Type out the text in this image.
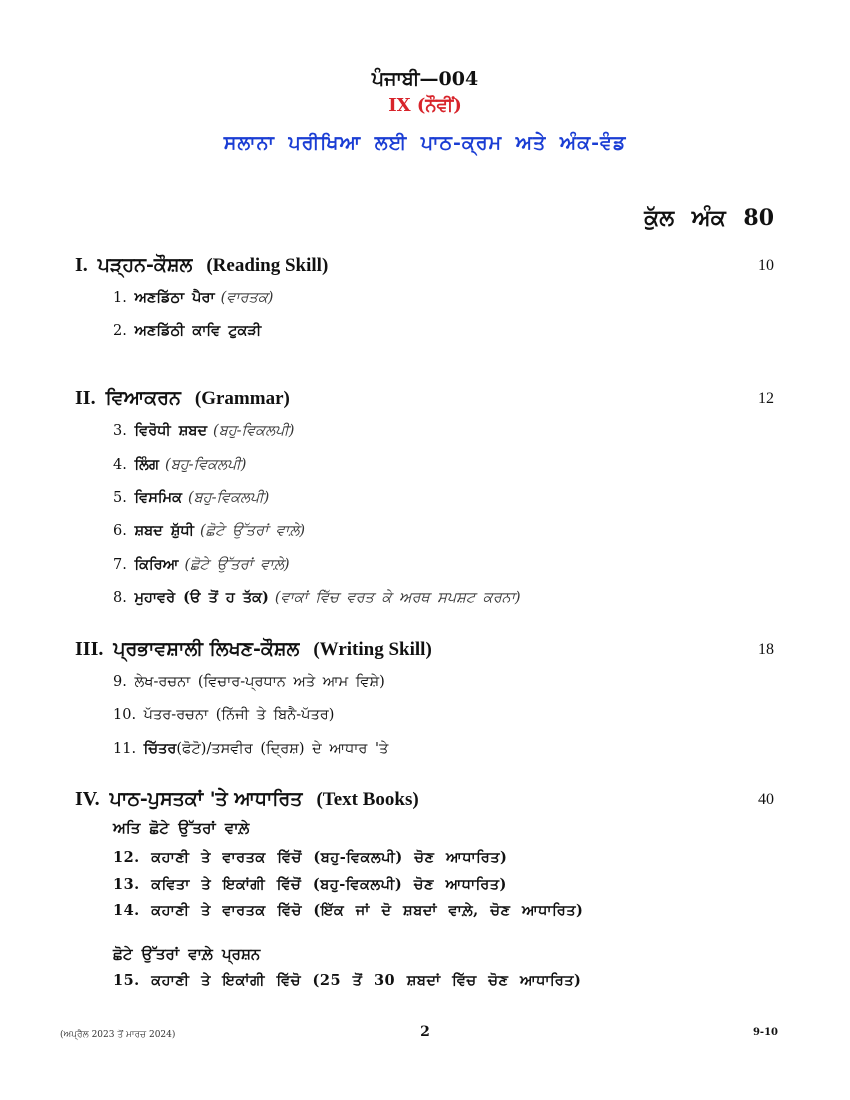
ਪੰਜਾਬੀ—004
IX (ਨੌਵੀਂ)
ਸਲਾਨਾ ਪਰੀਖਿਆ ਲਈ ਪਾਠ-ਕ੍ਰਮ ਅਤੇ ਅੰਕ-ਵੰਡ
ਕੁੱਲ ਅੰਕ 80
I. ਪੜ੍ਹਨ-ਕੌਸ਼ਲ (Reading Skill)	10
1. ਅਣਡਿੱਠਾ ਪੈਰਾ (ਵਾਰਤਕ)
2. ਅਣਡਿੱਠੀ ਕਾਵਿ ਟੁਕੜੀ
II. ਵਿਆਕਰਨ (Grammar)	12
3. ਵਿਰੋਧੀ ਸ਼ਬਦ (ਬਹੁ-ਵਿਕਲਪੀ)
4. ਲਿੰਗ (ਬਹੁ-ਵਿਕਲਪੀ)
5. ਵਿਸਮਿਕ (ਬਹੁ-ਵਿਕਲਪੀ)
6. ਸ਼ਬਦ ਸ਼ੁੱਧੀ (ਛੋਟੇ ਉੱਤਰਾਂ ਵਾਲ਼ੇ)
7. ਕਿਰਿਆ (ਛੋਟੇ ਉੱਤਰਾਂ ਵਾਲ਼ੇ)
8. ਮੁਹਾਵਰੇ (ੳ ਤੋਂ ਹ ਤੱਕ) (ਵਾਕਾਂ ਵਿੱਚ ਵਰਤ ਕੇ ਅਰਥ ਸਪਸ਼ਟ ਕਰਨਾ)
III. ਪ੍ਰਭਾਵਸ਼ਾਲੀ ਲਿਖਣ-ਕੌਸ਼ਲ (Writing Skill)	18
9. ਲੇਖ-ਰਚਨਾ (ਵਿਚਾਰ-ਪ੍ਰਧਾਨ ਅਤੇ ਆਮ ਵਿਸ਼ੇ)
10. ਪੱਤਰ-ਰਚਨਾ (ਨਿੱਜੀ ਤੇ ਬਿਨੈ-ਪੱਤਰ)
11. ਚਿੱਤਰ(ਫੋਟੋ)/ਤਸਵੀਰ (ਦ੍ਰਿਸ਼) ਦੇ ਆਧਾਰ 'ਤੇ
IV. ਪਾਠ-ਪੁਸਤਕਾਂ 'ਤੇ ਆਧਾਰਿਤ (Text Books)	40
ਅਤਿ ਛੋਟੇ ਉੱਤਰਾਂ ਵਾਲ਼ੇ
12. ਕਹਾਣੀ ਤੇ ਵਾਰਤਕ ਵਿੱਚੋਂ (ਬਹੁ-ਵਿਕਲਪੀ) ਚੋਣ ਆਧਾਰਿਤ)
13. ਕਵਿਤਾ ਤੇ ਇਕਾਂਗੀ ਵਿੱਚੋਂ (ਬਹੁ-ਵਿਕਲਪੀ) ਚੋਣ ਆਧਾਰਿਤ)
14. ਕਹਾਣੀ ਤੇ ਵਾਰਤਕ ਵਿੱਚੋ (ਇੱਕ ਜਾਂ ਦੋ ਸ਼ਬਦਾਂ ਵਾਲ਼ੇ, ਚੋਣ ਆਧਾਰਿਤ)
ਛੋਟੇ ਉੱਤਰਾਂ ਵਾਲ਼ੇ ਪ੍ਰਸ਼ਨ
15. ਕਹਾਣੀ ਤੇ ਇਕਾਂਗੀ ਵਿੱਚੋ (25 ਤੋਂ 30 ਸ਼ਬਦਾਂ ਵਿੱਚ ਚੋਣ ਆਧਾਰਿਤ)
(ਅਪ੍ਰੈਲ 2023 ਤੋਂ ਮਾਰਚ 2024)	2	9-10
